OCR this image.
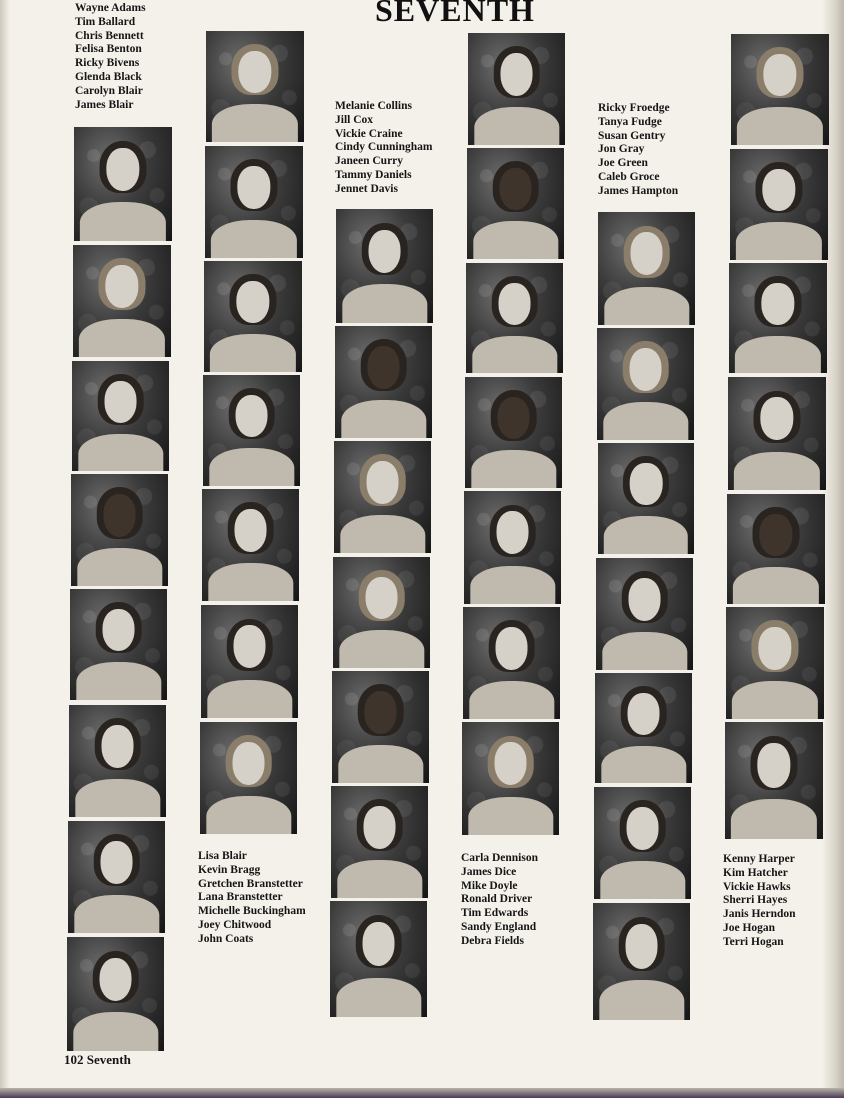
SEVENTH
Wayne Adams
Tim Ballard
Chris Bennett
Felisa Benton
Ricky Bivens
Glenda Black
Carolyn Blair
James Blair
Lisa Blair
Kevin Bragg
Gretchen Branstetter
Lana Branstetter
Michelle Buckingham
Joey Chitwood
John Coats
Melanie Collins
Jill Cox
Vickie Craine
Cindy Cunningham
Janeen Curry
Tammy Daniels
Jennet Davis
Carla Dennison
James Dice
Mike Doyle
Ronald Driver
Tim Edwards
Sandy England
Debra Fields
Ricky Froedge
Tanya Fudge
Susan Gentry
Jon Gray
Joe Green
Caleb Groce
James Hampton
Kenny Harper
Kim Hatcher
Vickie Hawks
Sherri Hayes
Janis Herndon
Joe Hogan
Terri Hogan
102 Seventh
